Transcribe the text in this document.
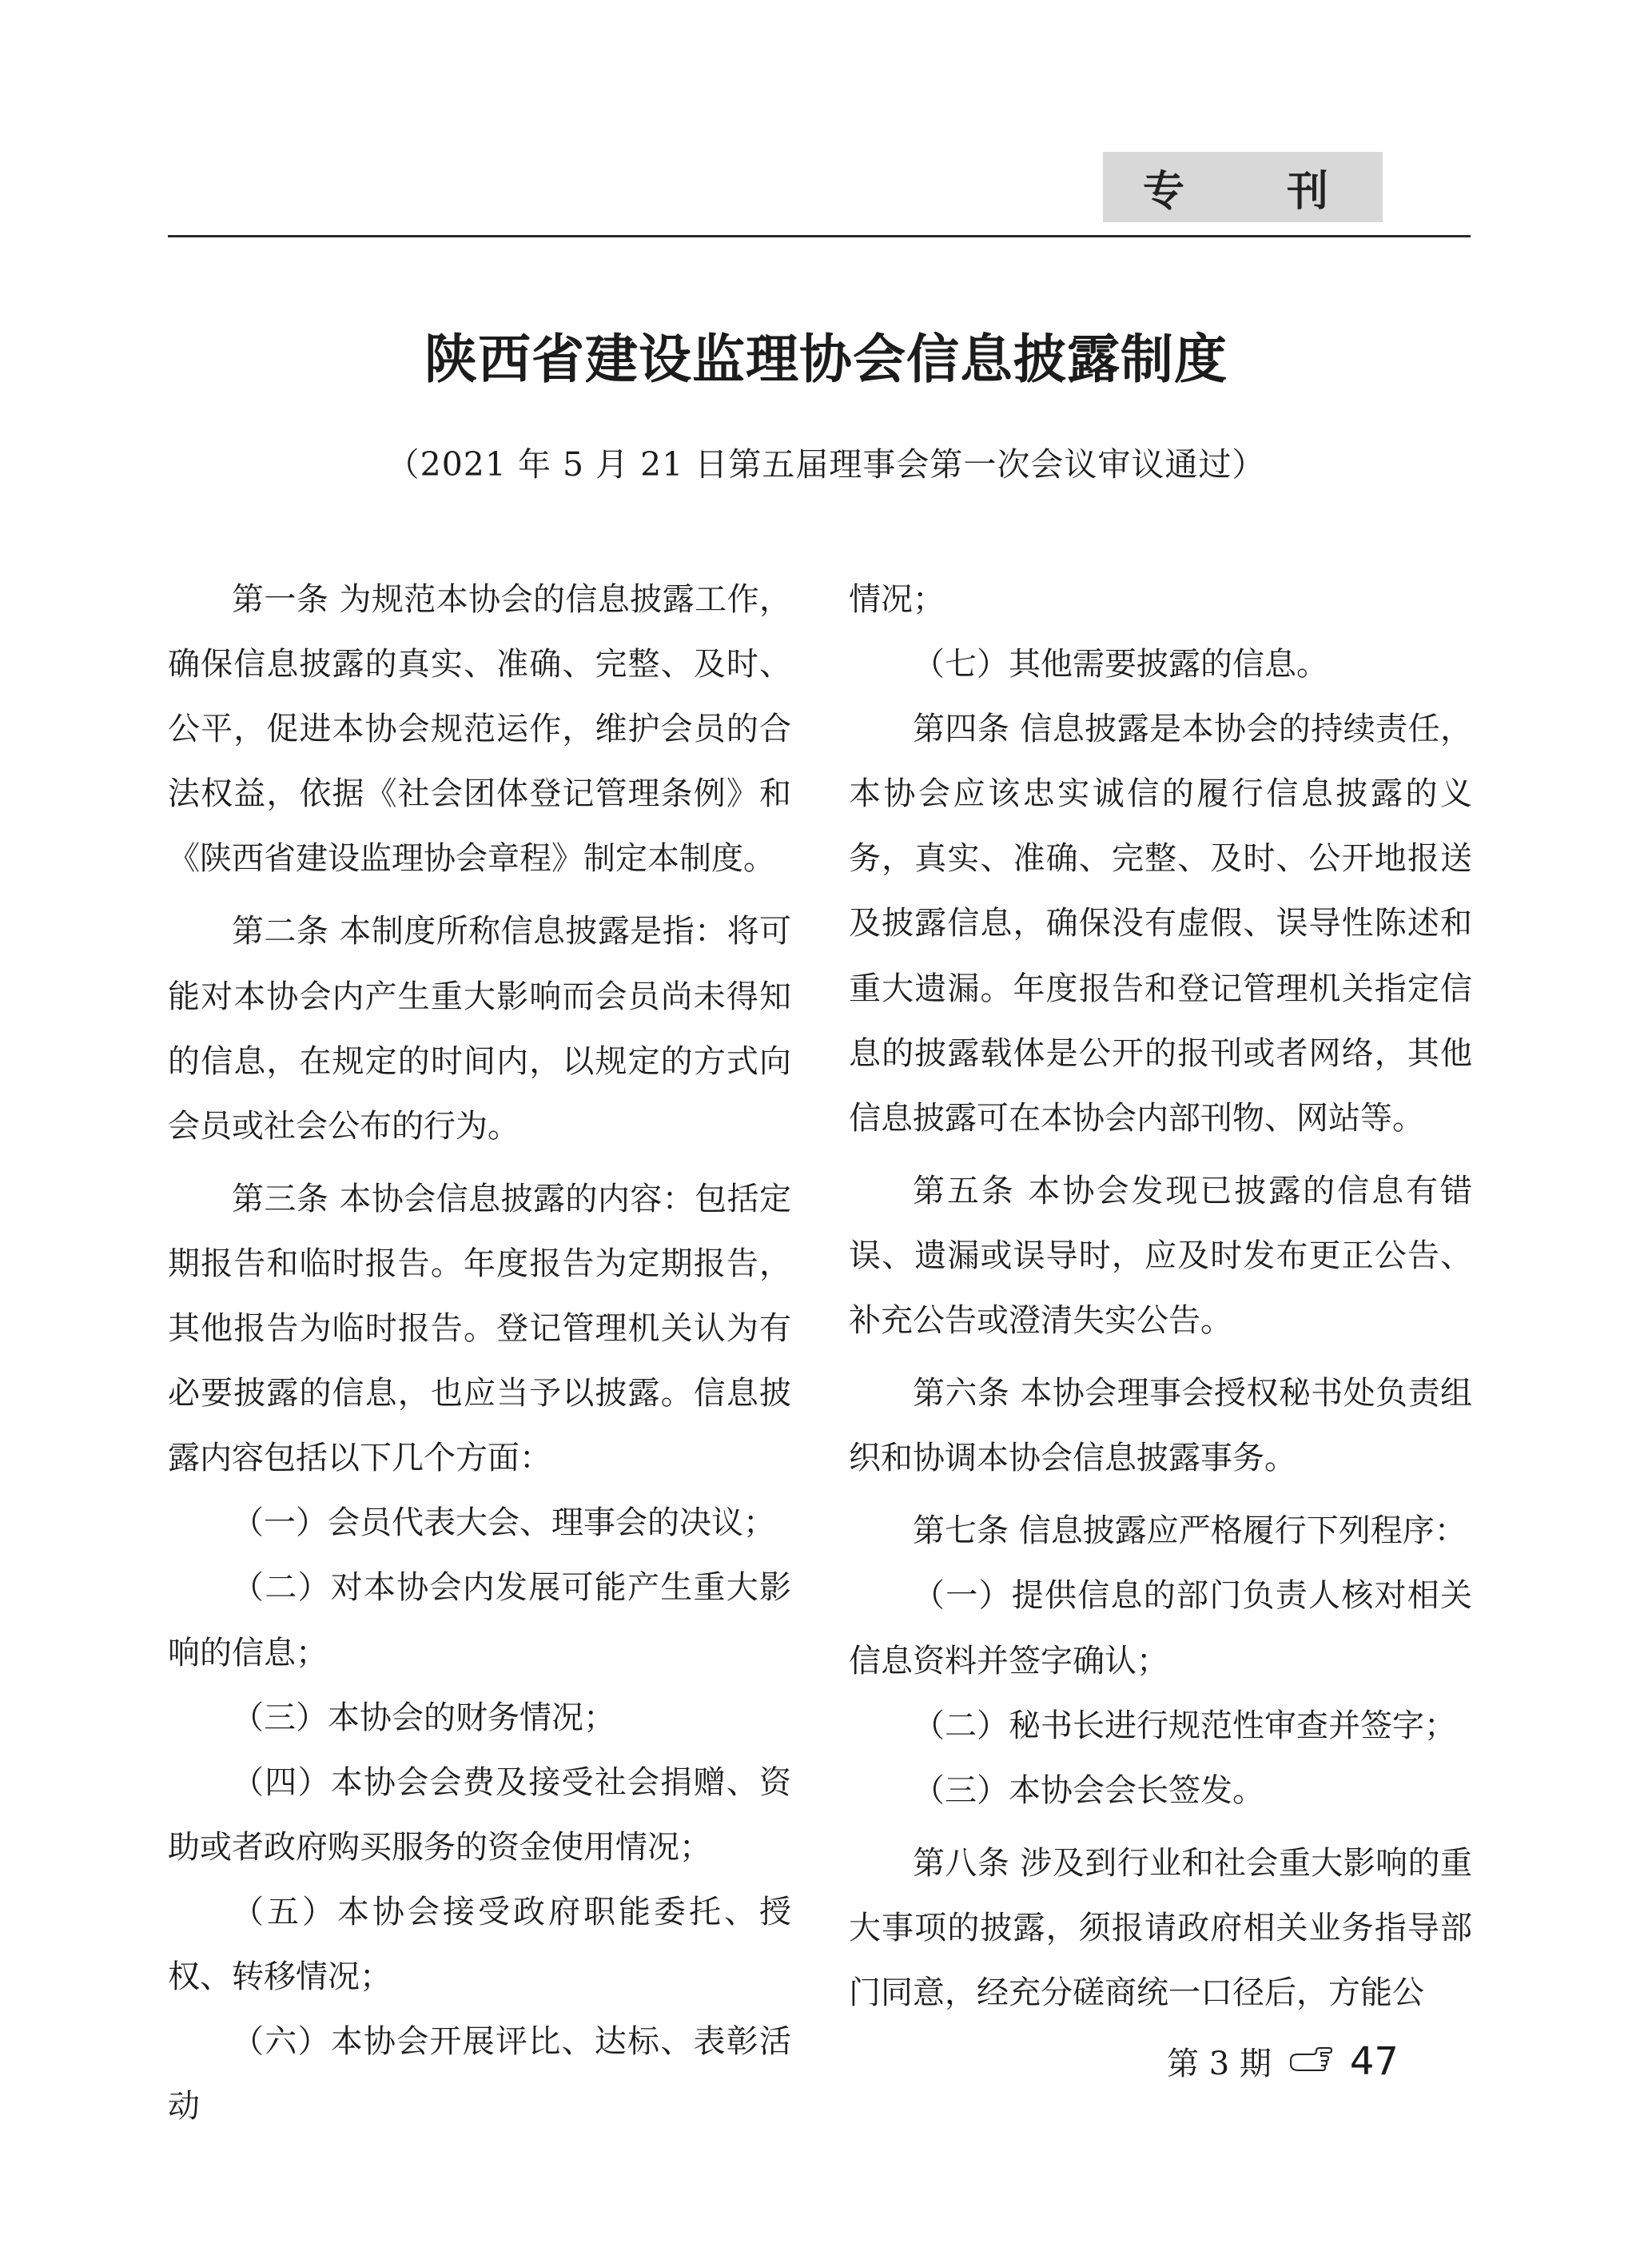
专 刊
陕西省建设监理协会信息披露制度

（2021 年 5 月 21 日第五届理事会第一次会议审议通过）

第一条 为规范本协会的信息披露工作，确保信息披露的真实、准确、完整、及时、公平，促进本协会规范运作，维护会员的合法权益，依据《社会团体登记管理条例》和《陕西省建设监理协会章程》制定本制度。

第二条 本制度所称信息披露是指：将可能对本协会内产生重大影响而会员尚未得知的信息，在规定的时间内，以规定的方式向会员或社会公布的行为。

第三条 本协会信息披露的内容：包括定期报告和临时报告。年度报告为定期报告，其他报告为临时报告。登记管理机关认为有必要披露的信息，也应当予以披露。信息披露内容包括以下几个方面：

（一）会员代表大会、理事会的决议；

（二）对本协会内发展可能产生重大影响的信息；

（三）本协会的财务情况；

（四）本协会会费及接受社会捐赠、资助或者政府购买服务的资金使用情况；

（五）本协会接受政府职能委托、授权、转移情况；

（六）本协会开展评比、达标、表彰活动

情况；

（七）其他需要披露的信息。

第四条 信息披露是本协会的持续责任，本协会应该忠实诚信的履行信息披露的义务，真实、准确、完整、及时、公开地报送及披露信息，确保没有虚假、误导性陈述和重大遗漏。年度报告和登记管理机关指定信息的披露载体是公开的报刊或者网络，其他信息披露可在本协会内部刊物、网站等。

第五条 本协会发现已披露的信息有错误、遗漏或误导时，应及时发布更正公告、补充公告或澄清失实公告。

第六条 本协会理事会授权秘书处负责组织和协调本协会信息披露事务。

第七条 信息披露应严格履行下列程序：

（一）提供信息的部门负责人核对相关信息资料并签字确认；

（二）秘书长进行规范性审查并签字；

（三）本协会会长签发。

第八条 涉及到行业和社会重大影响的重大事项的披露，须报请政府相关业务指导部门同意，经充分磋商统一口径后，方能公

第 3 期 47
